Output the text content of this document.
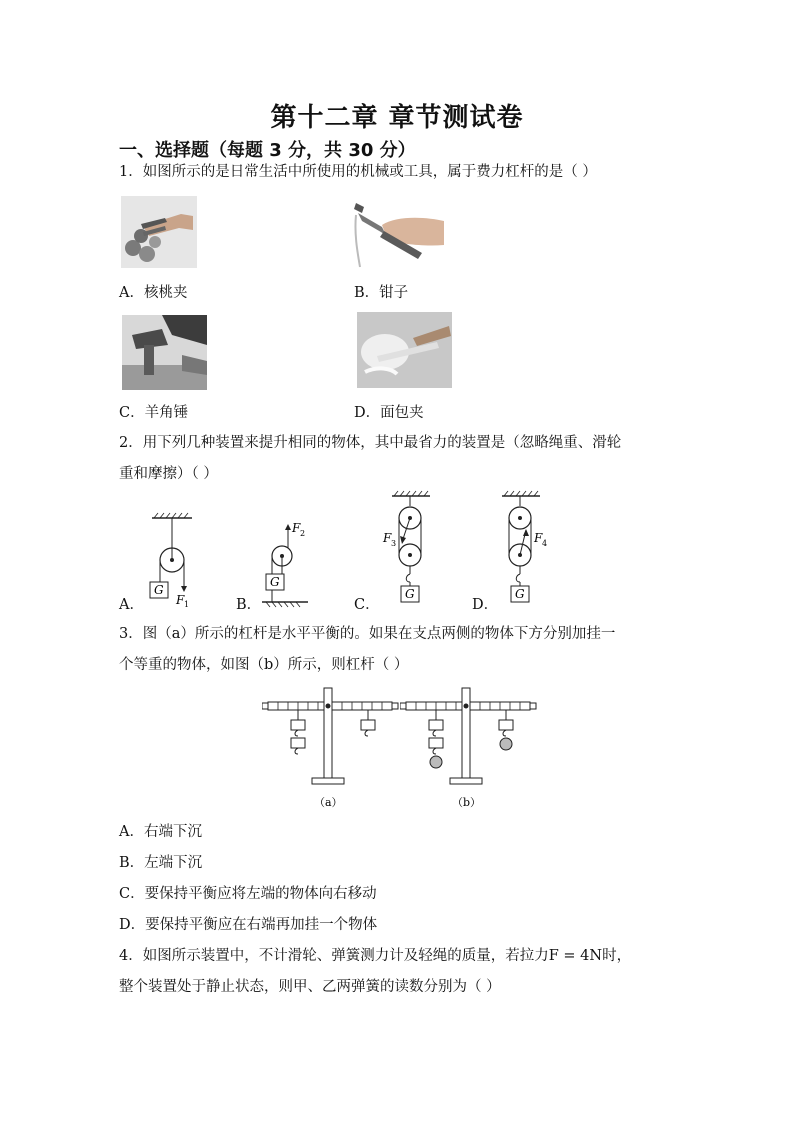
第十二章 章节测试卷
一、选择题（每题 3 分，共 30 分）
1．如图所示的是日常生活中所使用的机械或工具，属于费力杠杆的是（ ）
A．核桃夹	B．钳子
C．羊角锤	D．面包夹
2．用下列几种装置来提升相同的物体，其中最省力的装置是（忽略绳重、滑轮
重和摩擦）（ ）
A．
G
F 1	B．
F 2
G
C．
F 3
G
D．
F 4
G
3．图（a）所示的杠杆是水平平衡的。如果在支点两侧的物体下方分别加挂一
个等重的物体，如图（b）所示，则杠杆（ ）
（a）	（b）
A．右端下沉
B．左端下沉
C．要保持平衡应将左端的物体向右移动
D．要保持平衡应在右端再加挂一个物体
4．如图所示装置中，不计滑轮、弹簧测力计及轻绳的质量，若拉力F = 4N时，
整个装置处于静止状态，则甲、乙两弹簧的读数分别为（ ）
